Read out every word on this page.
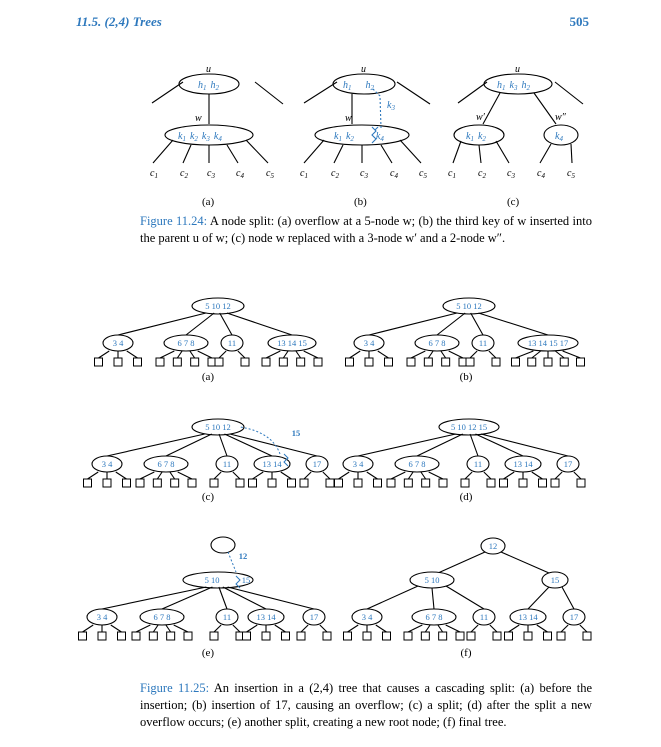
11.5. (2,4) Trees	505
u
$h_1$ $h_2$
w
$k_1$ $k_2$ $k_3$ $k_4$
u
$h_1$ $h_2$
$k_3$
w
$k_1$ $k_2$ $k_4$
u
$h_1$ $k_3$ $h_2$
w′	w″
$k_1$ $k_2$	$k_4$
$c_1$ $c_2$ $c_3$ $c_4$ $c_5$	$c_1$ $c_2$ $c_3$ $c_4$ $c_5$ $c_1$ $c_2$ $c_3$ $c_4$ $c_5$
(a)	(b)	(c)
Figure 11.24: A node split: (a) overflow at a 5-node w; (b) the third key of w inserted into the parent u of w; (c) node w replaced with a 3-node w′ and a 2-node w″.
5 10 12
3 4	6 7 8	11	13 14 15
(a)
5 10 12
3 4	6 7 8	11	13 14 15 17
(b)
5 10 12
3 4	6 7 8	11	13 14	17
15
(c)
5 10 12 15
3 4	6 7 8	11	13 14	17
(d)
12
5 10	15
3 4	6 7 8	11	13 14	17
(e)
12
5 10	15
3 4	6 7 8	11	13 14	17
(f)
Figure 11.25: An insertion in a (2,4) tree that causes a cascading split: (a) before the insertion; (b) insertion of 17, causing an overflow; (c) a split; (d) after the split a new overflow occurs; (e) another split, creating a new root node; (f) final tree.
